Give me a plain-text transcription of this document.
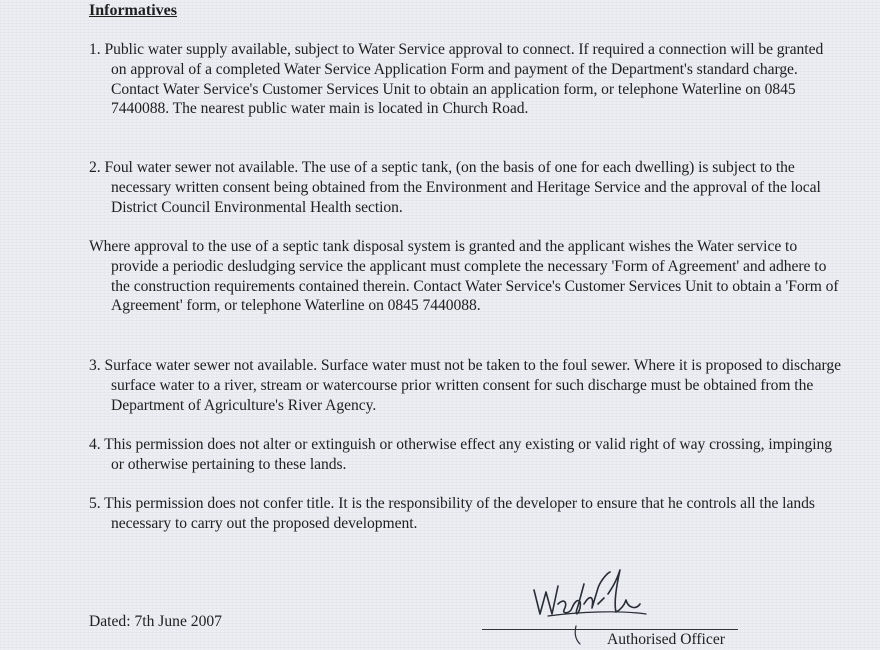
Informatives

1. Public water supply available, subject to Water Service approval to connect. If required a connection will be granted on approval of a completed Water Service Application Form and payment of the Department's standard charge. Contact Water Service's Customer Services Unit to obtain an application form, or telephone Waterline on 0845 7440088. The nearest public water main is located in Church Road.

2. Foul water sewer not available. The use of a septic tank, (on the basis of one for each dwelling) is subject to the necessary written consent being obtained from the Environment and Heritage Service and the approval of the local District Council Environmental Health section.

Where approval to the use of a septic tank disposal system is granted and the applicant wishes the Water service to provide a periodic desludging service the applicant must complete the necessary 'Form of Agreement' and adhere to the construction requirements contained therein. Contact Water Service's Customer Services Unit to obtain a 'Form of Agreement' form, or telephone Waterline on 0845 7440088.

3. Surface water sewer not available. Surface water must not be taken to the foul sewer. Where it is proposed to discharge surface water to a river, stream or watercourse prior written consent for such discharge must be obtained from the Department of Agriculture's River Agency.

4. This permission does not alter or extinguish or otherwise effect any existing or valid right of way crossing, impinging or otherwise pertaining to these lands.

5. This permission does not confer title. It is the responsibility of the developer to ensure that he controls all the lands necessary to carry out the proposed development.

Dated: 7th June 2007
Authorised Officer
